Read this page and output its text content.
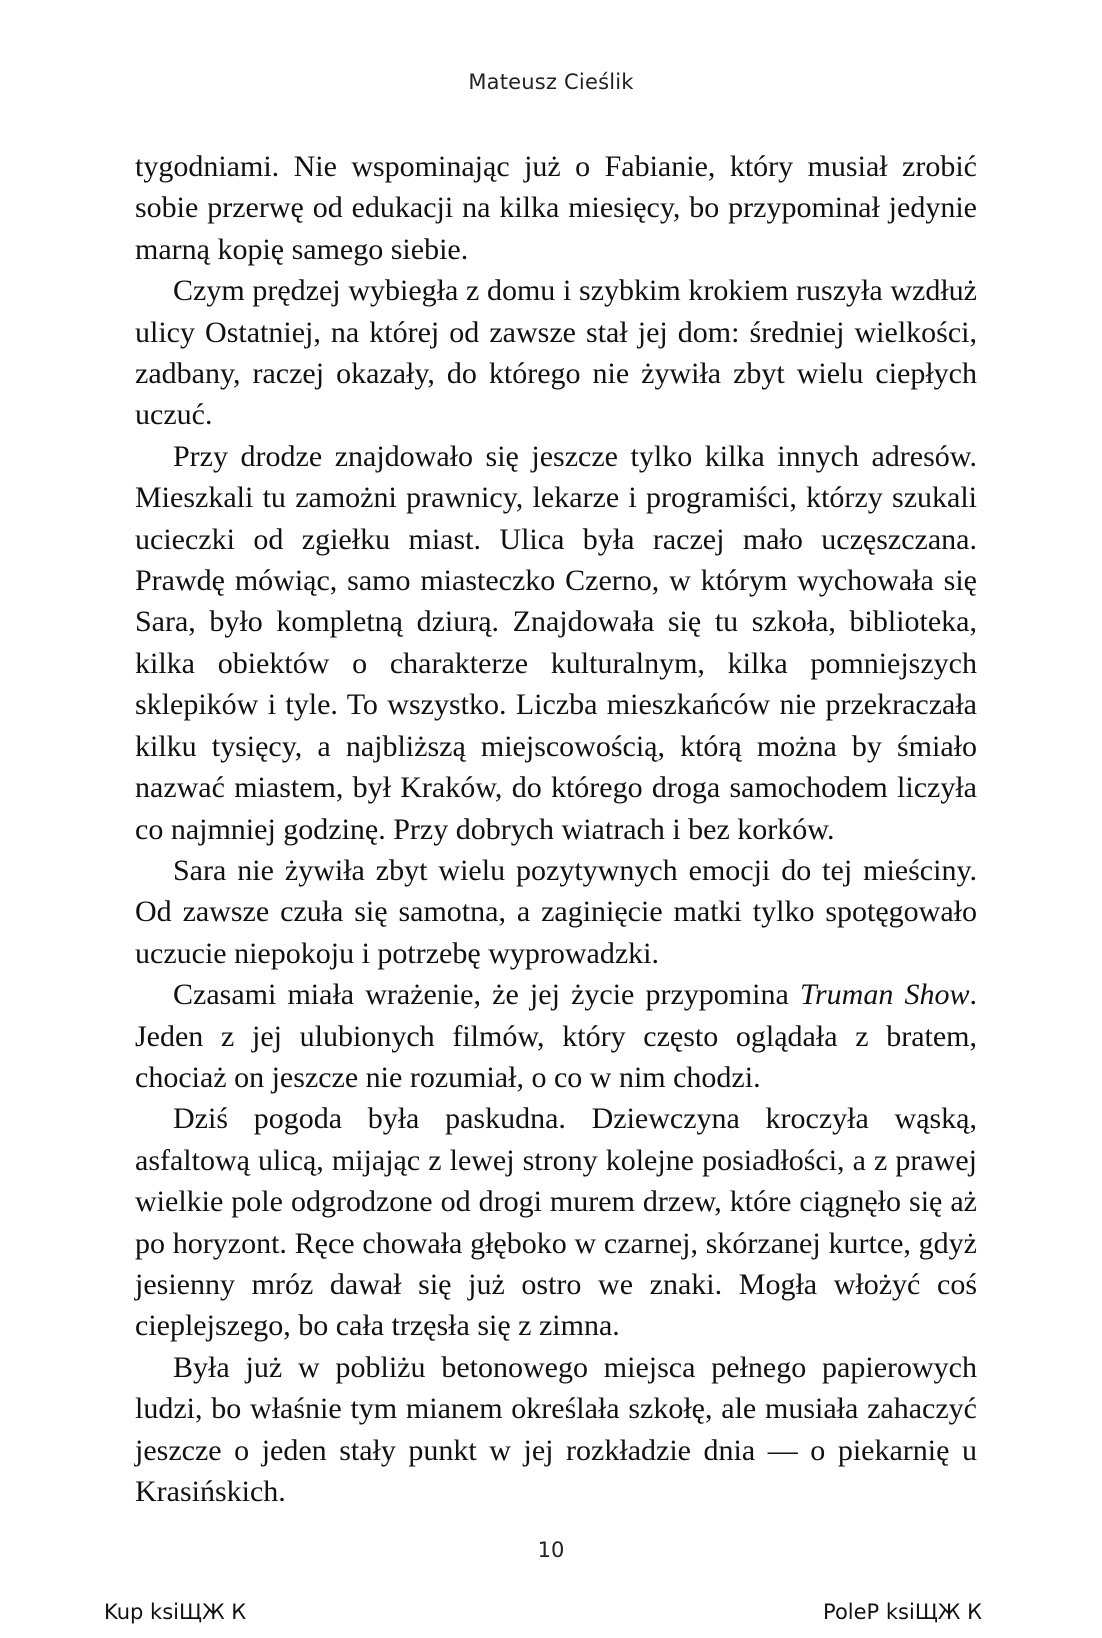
Mateusz Cieślik

tygodniami. Nie wspominając już o Fabianie, który musiał zrobić sobie przerwę od edukacji na kilka miesięcy, bo przypominał jedynie marną kopię samego siebie.

Czym prędzej wybiegła z domu i szybkim krokiem ruszyła wzdłuż ulicy Ostatniej, na której od zawsze stał jej dom: średniej wielkości, zadbany, raczej okazały, do którego nie żywiła zbyt wielu ciepłych uczuć.

Przy drodze znajdowało się jeszcze tylko kilka innych adresów. Mieszkali tu zamożni prawnicy, lekarze i programiści, którzy szukali ucieczki od zgiełku miast. Ulica była raczej mało uczęszczana. Prawdę mówiąc, samo miasteczko Czerno, w którym wychowała się Sara, było kompletną dziurą. Znajdowała się tu szkoła, biblioteka, kilka obiektów o charakterze kulturalnym, kilka pomniejszych sklepików i tyle. To wszystko. Liczba mieszkańców nie przekraczała kilku tysięcy, a najbliższą miejscowością, którą można by śmiało nazwać miastem, był Kraków, do którego droga samochodem liczyła co najmniej godzinę. Przy dobrych wiatrach i bez korków.

Sara nie żywiła zbyt wielu pozytywnych emocji do tej mieściny. Od zawsze czuła się samotna, a zaginięcie matki tylko spotęgowało uczucie niepokoju i potrzebę wyprowadzki.

Czasami miała wrażenie, że jej życie przypomina Truman Show. Jeden z jej ulubionych filmów, który często oglądała z bratem, chociaż on jeszcze nie rozumiał, o co w nim chodzi.

Dziś pogoda była paskudna. Dziewczyna kroczyła wąską, asfaltową ulicą, mijając z lewej strony kolejne posiadłości, a z prawej wielkie pole odgrodzone od drogi murem drzew, które ciągnęło się aż po horyzont. Ręce chowała głęboko w czarnej, skórzanej kurtce, gdyż jesienny mróz dawał się już ostro we znaki. Mogła włożyć coś cieplejszego, bo cała trzęsła się z zimna.

Była już w pobliżu betonowego miejsca pełnego papierowych ludzi, bo właśnie tym mianem określała szkołę, ale musiała zahaczyć jeszcze o jeden stały punkt w jej rozkładzie dnia — o piekarnię u Krasińskich.

10
Kup ksiЩЖ К	PoleР ksiЩЖ К
